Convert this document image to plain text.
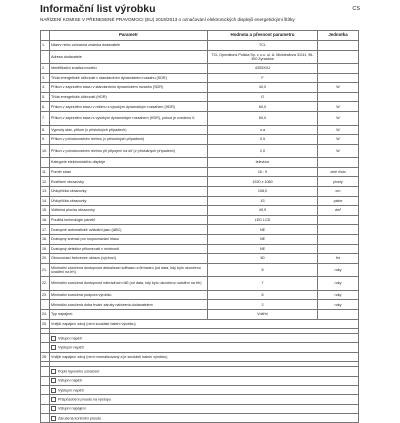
Informační list výrobku	CS
NAŘÍZENÍ KOMISE V PŘENESENÉ PRAVOMOCI (EU) 2019/2013 o označování elektronických displejů energetickými štítky
	Parametr	Hodnota a přesnost parametru	Jednotka
1.	Název nebo ochranná známka dodavatele	TCL	
	Adresa dodavatele	TCL Operations Polska Sp. z o.o. ul. A. Mickiewicza 31/41, 96-300 Żyrardów	
2.	Identifikační značka modelu	43S5XXJ	
3.	Třída energetické účinnosti v standardním dynamickém rozsahu (SDR)	F	
4.	Příkon v zapnutém stavu v standardním dynamickém rozsahu (SDR)	40,0	W
5.	Třída energetické účinnosti (HDR)	G	
6.	Příkon v zapnutém stavu v režimu s vysokým dynamickým rozsahem (HDR)	60,0	W
7.	Příkon v zapnutém stavu s vysokým dynamickým rozsahem (HDR), pokud je uvedeno ß	60,0	W
8.	Vypnutý stav, příkon (v příslušných případech)	n.a	W
9.	Příkon v pohotovostním režimu (v příslušných případech)	0,5	W
10.	Příkon v pohotovostním režimu při připojení na síť (v příslušných případech)	2,0	W
	Kategorie elektronického displeje	televizor	
11.	Poměr stran	16 : 9	celé číslo
12.	Rozlišení obrazovky	1920 x 1080	pixely
13.	Úhlopříčka obrazovky	108,0	cm
14.	Úhlopříčka obrazovky	43	palce
15.	Viditelná plocha obrazovky	49,9	dm²
16.	Použitá technologie panelů	LED LCD	
17.	Dostupné automatické ovládání jasu (ABC)	NE	
18.	Dostupný snímač pro rozpoznávání hlasu	NE	
19.	Dostupný detektor přítomnosti v místnosti	NE	
20.	Obnovovací frekvence obrazu (výchozí)	60	Hz
21.	Minimální zaručená dostupnost aktualizací softwaru a firmwaru (od data, kdy bylo ukončeno uvádění na trh)	8	roky
22.	Minimální zaručená dostupnost náhradních dílů (od data, kdy bylo ukončeno uvádění na trh)	7	roky
23.	Minimální zaručená podpora výrobku	8	roky
	Minimální zaručená doba trvání záruky nabízená dodavatelem	2	roky
24.	Typ napájení:	Vnitřní	
25.	Vnější napájecí zdroj (není součástí balení výrobku)		

	Vstupní napětí		
	Výstupní napětí		
26.	Vnější napájecí zdroj (není normalizovaný a je součástí balení výrobku)		

	Popis typového označení:		
	Vstupní napětí		
	Výstupní napětí		
	Přizpůsobení proudu na výstupu		
	Vstupní napájení		
	Zaručená kontrolní proudu		
